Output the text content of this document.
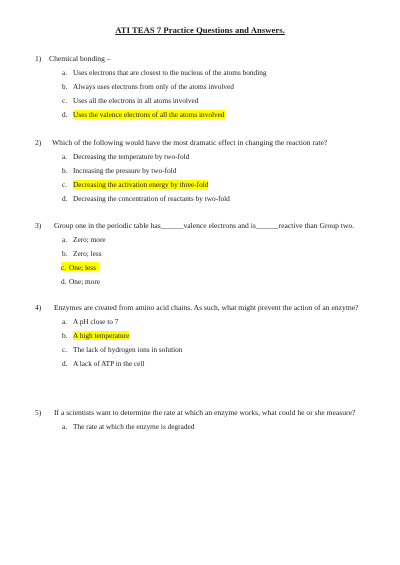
ATI TEAS 7 Practice Questions and Answers.
1) Chemical bonding –
a. Uses electrons that are closest to the nucleus of the atoms bonding
b. Always uses electrons from only of the atoms involved
c. Uses all the electrons in all atoms involved
d. Uses the valence electrons of all the atoms involved
2) Which of the following would have the most dramatic effect in changing the reaction rate?
a. Decreasing the temperature by two-fold
b. Increasing the pressure by two-fold
c. Decreasing the activation energy by three-fold
d. Decreasing the concentration of reactants by two-fold
3) Group one in the periodic table has______valence electrons and is______reactive than Group two.
a. Zero; more
b. Zero; less
c. One; less
d. One; more
4) Enzymes are created from amino acid chains. As such, what might prevent the action of an enzyme?
a. A pH close to 7
b. A high temperature
c. The lack of hydrogen ions in solution
d. A lack of ATP in the cell
5) If a scientists want to determine the rate at which an enzyme works, what could he or she measure?
a. The rate at which the enzyme is degraded
